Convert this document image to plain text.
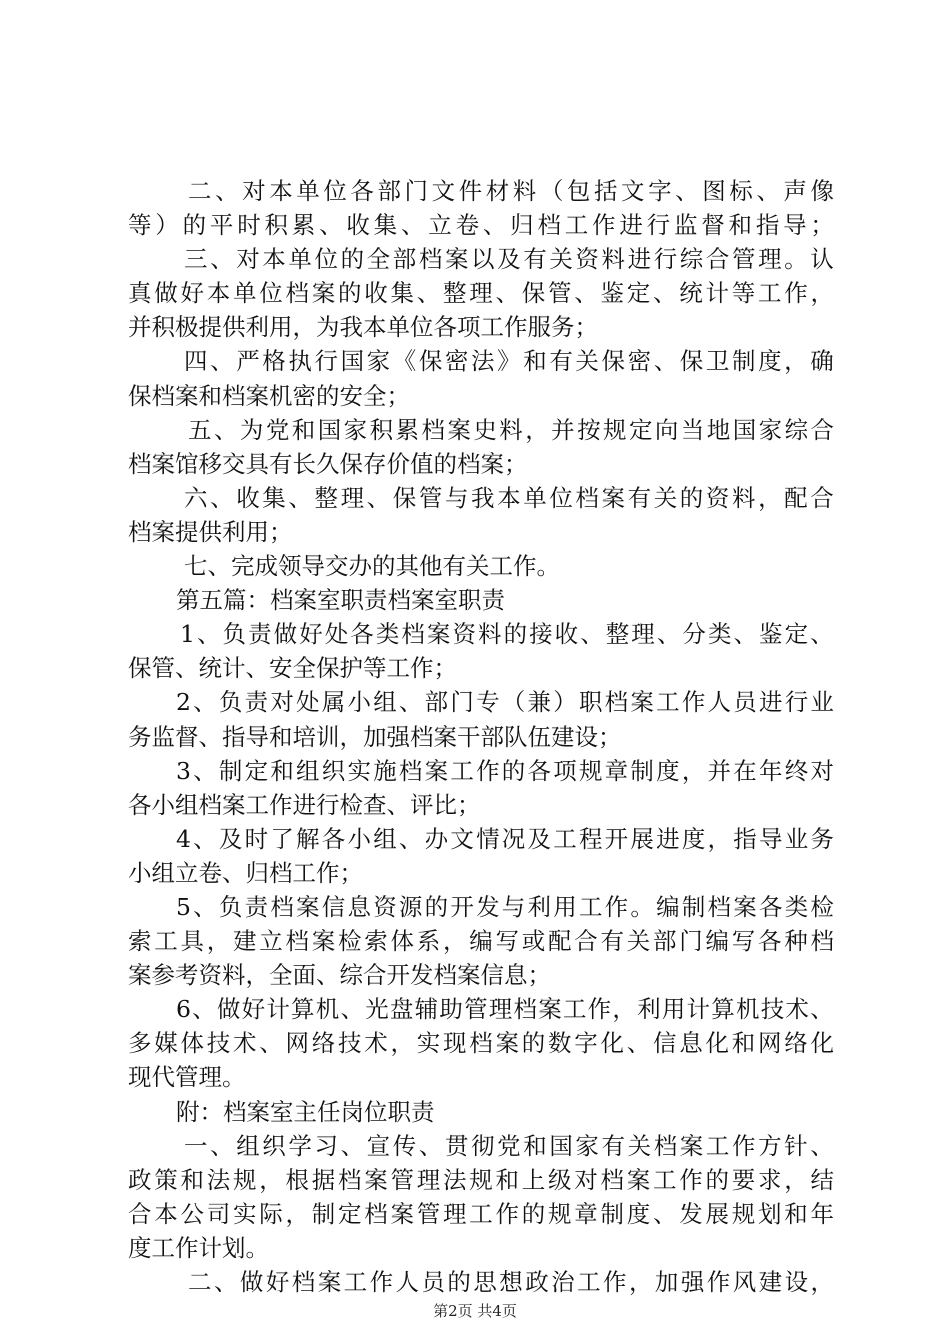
二 、 对 本 单 位 各 部 门 文 件 材 料 （ 包 括 文 字 、 图 标 、 声 像
等 ） 的 平 时 积 累 、 收 集 、 立 卷 、 归 档 工 作 进 行 监 督 和 指 导 ；
三 、 对 本 单 位 的 全 部 档 案 以 及 有 关 资 料 进 行 综 合 管 理 。 认
真 做 好 本 单 位 档 案 的 收 集 、 整 理 、 保 管 、 鉴 定 、 统 计 等 工 作 ，
并积极提供利用，为我本单位各项工作服务；
四 、 严 格 执 行 国 家 《 保 密 法 》 和 有 关 保 密 、 保 卫 制 度 ， 确
保档案和档案机密的安全；
五 、 为 党 和 国 家 积 累 档 案 史 料 ， 并 按 规 定 向 当 地 国 家 综 合
档案馆移交具有长久保存价值的档案；
六 、 收 集 、 整 理 、 保 管 与 我 本 单 位 档 案 有 关 的 资 料 ， 配 合
档案提供利用；
七、完成领导交办的其他有关工作。
第五篇：档案室职责档案室职责
1 、 负 责 做 好 处 各 类 档 案 资 料 的 接 收 、 整 理 、 分 类 、 鉴 定 、
保管、统计、安全保护等工作；
2 、 负 责 对 处 属 小 组 、 部 门 专 （ 兼 ） 职 档 案 工 作 人 员 进 行 业
务监督、指导和培训，加强档案干部队伍建设；
3 、 制 定 和 组 织 实 施 档 案 工 作 的 各 项 规 章 制 度 ， 并 在 年 终 对
各小组档案工作进行检查、评比；
4 、 及 时 了 解 各 小 组 、 办 文 情 况 及 工 程 开 展 进 度 ， 指 导 业 务
小组立卷、归档工作；
5 、 负 责 档 案 信 息 资 源 的 开 发 与 利 用 工 作 。 编 制 档 案 各 类 检
索 工 具 ， 建 立 档 案 检 索 体 系 ， 编 写 或 配 合 有 关 部 门 编 写 各 种 档
案参考资料，全面、综合开发档案信息；
6 、 做 好 计 算 机 、 光 盘 辅 助 管 理 档 案 工 作 ， 利 用 计 算 机 技 术 、
多 媒 体 技 术 、 网 络 技 术 ， 实 现 档 案 的 数 字 化 、 信 息 化 和 网 络 化
现代管理。
附：档案室主任岗位职责
一 、 组 织 学 习 、 宣 传 、 贯 彻 党 和 国 家 有 关 档 案 工 作 方 针 、
政 策 和 法 规 ， 根 据 档 案 管 理 法 规 和 上 级 对 档 案 工 作 的 要 求 ， 结
合 本 公 司 实 际 ， 制 定 档 案 管 理 工 作 的 规 章 制 度 、 发 展 规 划 和 年
度工作计划。
二 、 做 好 档 案 工 作 人 员 的 思 想 政 治 工 作 ， 加 强 作 风 建 设 ，
第2页 共4页
